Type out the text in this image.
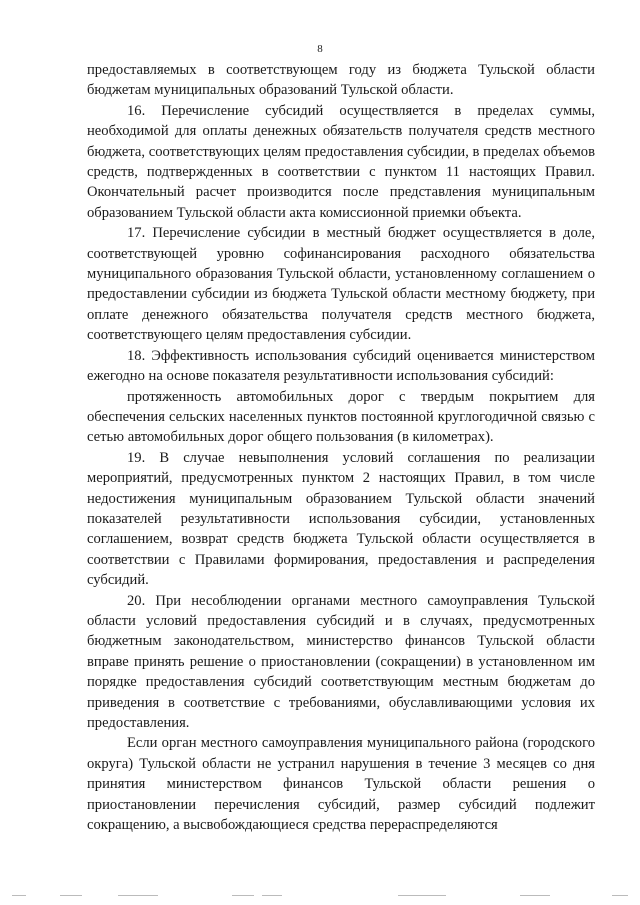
8

предоставляемых в соответствующем году из бюджета Тульской области бюджетам муниципальных образований Тульской области.

16. Перечисление субсидий осуществляется в пределах суммы, необходимой для оплаты денежных обязательств получателя средств местного бюджета, соответствующих целям предоставления субсидии, в пределах объемов средств, подтвержденных в соответствии с пунктом 11 настоящих Правил. Окончательный расчет производится после представления муниципальным образованием Тульской области акта комиссионной приемки объекта.

17. Перечисление субсидии в местный бюджет осуществляется в доле, соответствующей уровню софинансирования расходного обязательства муниципального образования Тульской области, установленному соглашением о предоставлении субсидии из бюджета Тульской области местному бюджету, при оплате денежного обязательства получателя средств местного бюджета, соответствующего целям предоставления субсидии.

18. Эффективность использования субсидий оценивается министерством ежегодно на основе показателя результативности использования субсидий:

протяженность автомобильных дорог с твердым покрытием для обеспечения сельских населенных пунктов постоянной круглогодичной связью с сетью автомобильных дорог общего пользования (в километрах).

19. В случае невыполнения условий соглашения по реализации мероприятий, предусмотренных пунктом 2 настоящих Правил, в том числе недостижения муниципальным образованием Тульской области значений показателей результативности использования субсидии, установленных соглашением, возврат средств бюджета Тульской области осуществляется в соответствии с Правилами формирования, предоставления и распределения субсидий.

20. При несоблюдении органами местного самоуправления Тульской области условий предоставления субсидий и в случаях, предусмотренных бюджетным законодательством, министерство финансов Тульской области вправе принять решение о приостановлении (сокращении) в установленном им порядке предоставления субсидий соответствующим местным бюджетам до приведения в соответствие с требованиями, обуславливающими условия их предоставления.

Если орган местного самоуправления муниципального района (городского округа) Тульской области не устранил нарушения в течение 3 месяцев со дня принятия министерством финансов Тульской области решения о приостановлении перечисления субсидий, размер субсидий подлежит сокращению, а высвобождающиеся средства перераспределяются
